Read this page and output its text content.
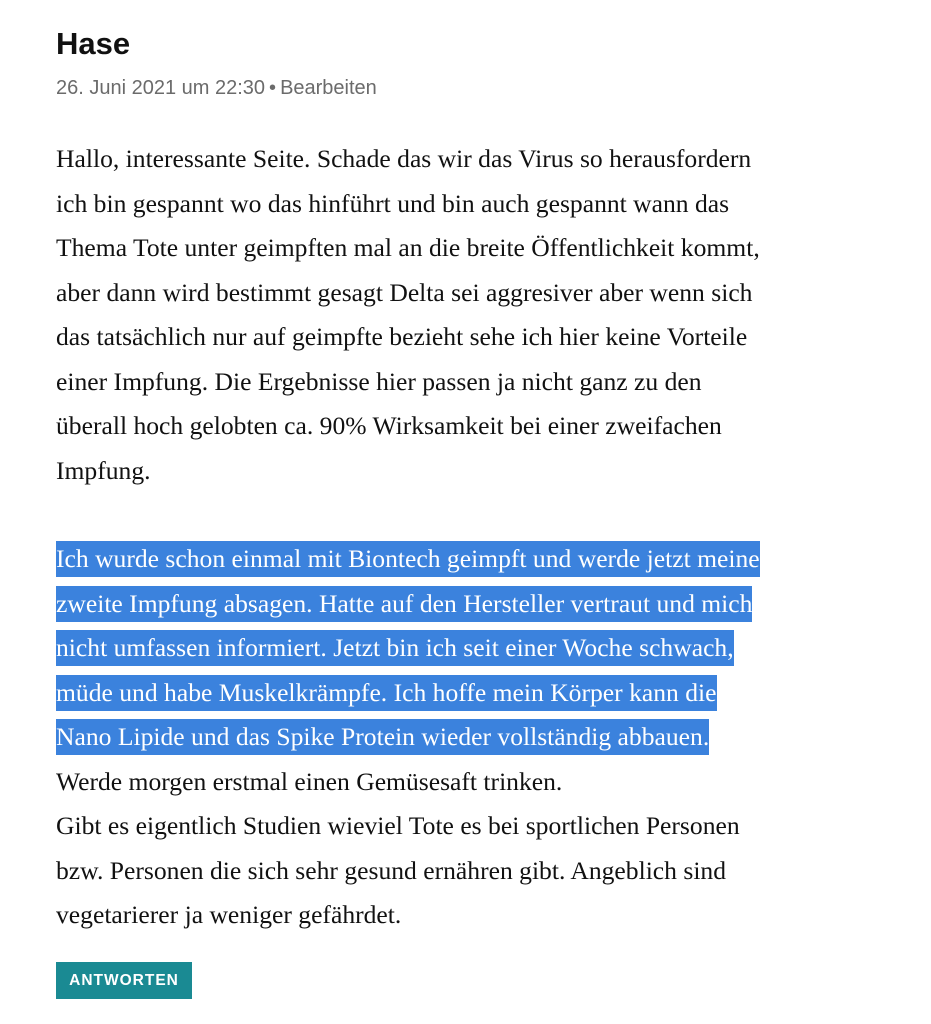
Hase
26. Juni 2021 um 22:30 • Bearbeiten

Hallo, interessante Seite. Schade das wir das Virus so herausfordern
ich bin gespannt wo das hinführt und bin auch gespannt wann das
Thema Tote unter geimpften mal an die breite Öffentlichkeit kommt,
aber dann wird bestimmt gesagt Delta sei aggresiver aber wenn sich
das tatsächlich nur auf geimpfte bezieht sehe ich hier keine Vorteile
einer Impfung. Die Ergebnisse hier passen ja nicht ganz zu den
überall hoch gelobten ca. 90% Wirksamkeit bei einer zweifachen
Impfung.

Ich wurde schon einmal mit Biontech geimpft und werde jetzt meine
zweite Impfung absagen. Hatte auf den Hersteller vertraut und mich
nicht umfassen informiert. Jetzt bin ich seit einer Woche schwach,
müde und habe Muskelkrämpfe. Ich hoffe mein Körper kann die
Nano Lipide und das Spike Protein wieder vollständig abbauen.
Werde morgen erstmal einen Gemüsesaft trinken.
Gibt es eigentlich Studien wieviel Tote es bei sportlichen Personen
bzw. Personen die sich sehr gesund ernähren gibt. Angeblich sind
vegetarierer ja weniger gefährdet.

ANTWORTEN
